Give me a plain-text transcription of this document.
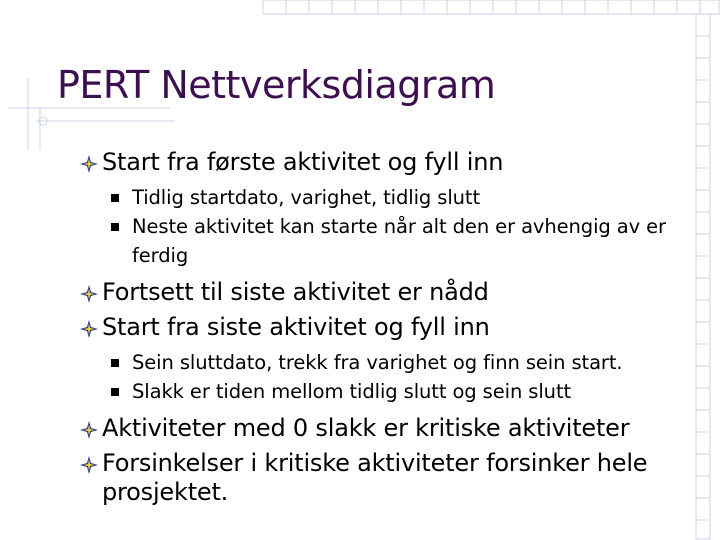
PERT Nettverksdiagram
Start fra første aktivitet og fyll inn
Tidlig startdato, varighet, tidlig slutt
Neste aktivitet kan starte når alt den er avhengig av er ferdig
Fortsett til siste aktivitet er nådd
Start fra siste aktivitet og fyll inn
Sein sluttdato, trekk fra varighet og finn sein start.
Slakk er tiden mellom tidlig slutt og sein slutt
Aktiviteter med 0 slakk er kritiske aktiviteter
Forsinkelser i kritiske aktiviteter forsinker hele prosjektet.
